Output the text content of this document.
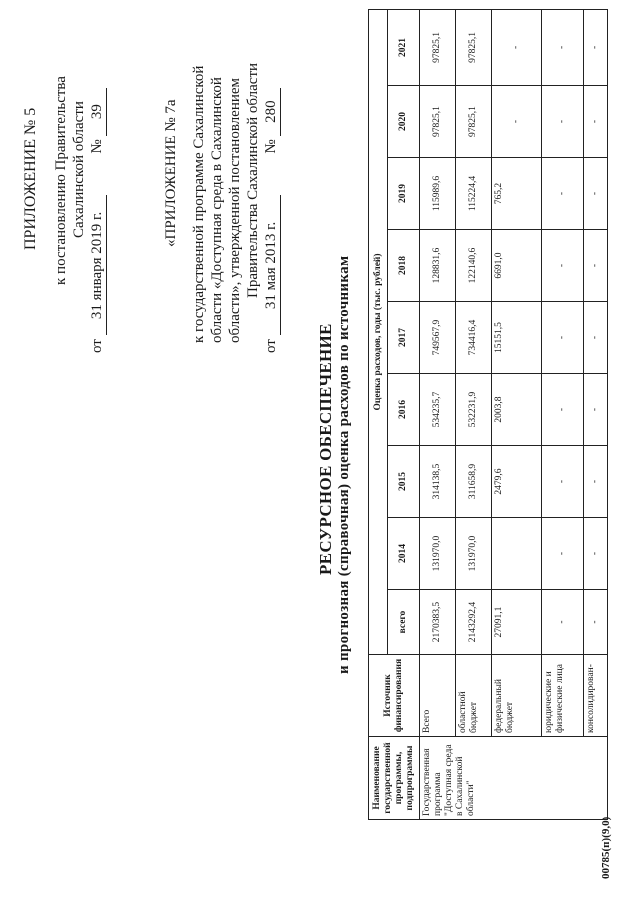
ПРИЛОЖЕНИЕ № 5 к постановлению Правительства Сахалинской области
от 31 января 2019 г. № 39	«ПРИЛОЖЕНИЕ № 7а к государственной программе Сахалинской области «Доступная среда в Сахалинской области», утвержденной постановлением Правительства Сахалинской области
от 31 мая 2013 г. № 280
РЕСУРСНОЕ ОБЕСПЕЧЕНИЕ и прогнозная (справочная) оценка расходов по источникам
Наименование государственной программы, подпрограммы	Источник финансирования	Оценка расходов, годы (тыс. рублей)								
		всего	2014	2015	2016	2017	2018	2019	2020	2021
Государственная программа "Доступная среда в Сахалинской области"	Всего	2170383,5	131970,0	314138,5	534235,7	749567,9	128831,6	115989,6	97825,1	97825,1
	областной бюджет	2143292,4	131970,0	311658,9	532231,9	734416,4	122140,6	115224,4	97825,1	97825,1
	федеральный бюджет	27091,1		2479,6	2003,8	15151,5	6691,0	765,2	-	-
	юридические и физические лица	-	-	-	-	-	-	-	-	-
	консолидирован-	-	-	-	-	-	-	-	-	-
00785(п)(9,0)
